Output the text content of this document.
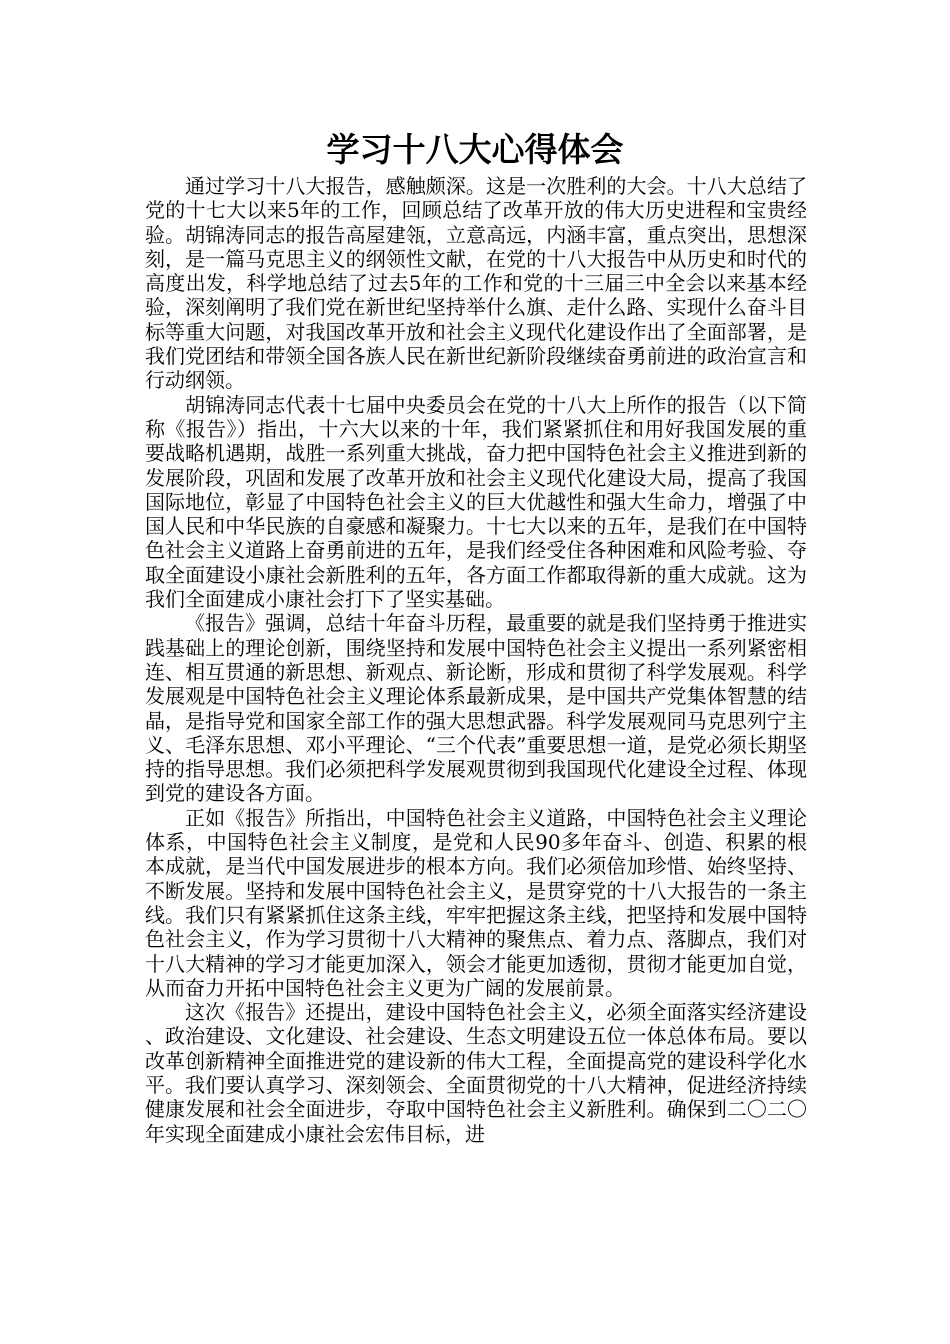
学习十八大心得体会

通过学习十八大报告，感触颇深。这是一次胜利的大会。十八大总结了党的十七大以来5年的工作，回顾总结了改革开放的伟大历史进程和宝贵经验。胡锦涛同志的报告高屋建瓴，立意高远，内涵丰富，重点突出，思想深刻，是一篇马克思主义的纲领性文献，在党的十八大报告中从历史和时代的高度出发，科学地总结了过去5年的工作和党的十三届三中全会以来基本经验，深刻阐明了我们党在新世纪坚持举什么旗、走什么路、实现什么奋斗目标等重大问题，对我国改革开放和社会主义现代化建设作出了全面部署，是我们党团结和带领全国各族人民在新世纪新阶段继续奋勇前进的政治宣言和行动纲领。

胡锦涛同志代表十七届中央委员会在党的十八大上所作的报告（以下简称《报告》）指出，十六大以来的十年，我们紧紧抓住和用好我国发展的重要战略机遇期，战胜一系列重大挑战，奋力把中国特色社会主义推进到新的发展阶段，巩固和发展了改革开放和社会主义现代化建设大局，提高了我国国际地位，彰显了中国特色社会主义的巨大优越性和强大生命力，增强了中国人民和中华民族的自豪感和凝聚力。十七大以来的五年，是我们在中国特色社会主义道路上奋勇前进的五年，是我们经受住各种困难和风险考验、夺取全面建设小康社会新胜利的五年，各方面工作都取得新的重大成就。这为我们全面建成小康社会打下了坚实基础。

《报告》强调，总结十年奋斗历程，最重要的就是我们坚持勇于推进实践基础上的理论创新，围绕坚持和发展中国特色社会主义提出一系列紧密相连、相互贯通的新思想、新观点、新论断，形成和贯彻了科学发展观。科学发展观是中国特色社会主义理论体系最新成果，是中国共产党集体智慧的结晶，是指导党和国家全部工作的强大思想武器。科学发展观同马克思列宁主义、毛泽东思想、邓小平理论、“三个代表”重要思想一道，是党必须长期坚持的指导思想。我们必须把科学发展观贯彻到我国现代化建设全过程、体现到党的建设各方面。

正如《报告》所指出，中国特色社会主义道路，中国特色社会主义理论体系，中国特色社会主义制度，是党和人民90多年奋斗、创造、积累的根本成就，是当代中国发展进步的根本方向。我们必须倍加珍惜、始终坚持、不断发展。坚持和发展中国特色社会主义，是贯穿党的十八大报告的一条主线。我们只有紧紧抓住这条主线，牢牢把握这条主线，把坚持和发展中国特色社会主义，作为学习贯彻十八大精神的聚焦点、着力点、落脚点，我们对十八大精神的学习才能更加深入，领会才能更加透彻，贯彻才能更加自觉，从而奋力开拓中国特色社会主义更为广阔的发展前景。

这次《报告》还提出，建设中国特色社会主义，必须全面落实经济建设、政治建设、文化建设、社会建设、生态文明建设五位一体总体布局。要以改革创新精神全面推进党的建设新的伟大工程，全面提高党的建设科学化水平。我们要认真学习、深刻领会、全面贯彻党的十八大精神，促进经济持续健康发展和社会全面进步，夺取中国特色社会主义新胜利。确保到二〇二〇年实现全面建成小康社会宏伟目标，进
